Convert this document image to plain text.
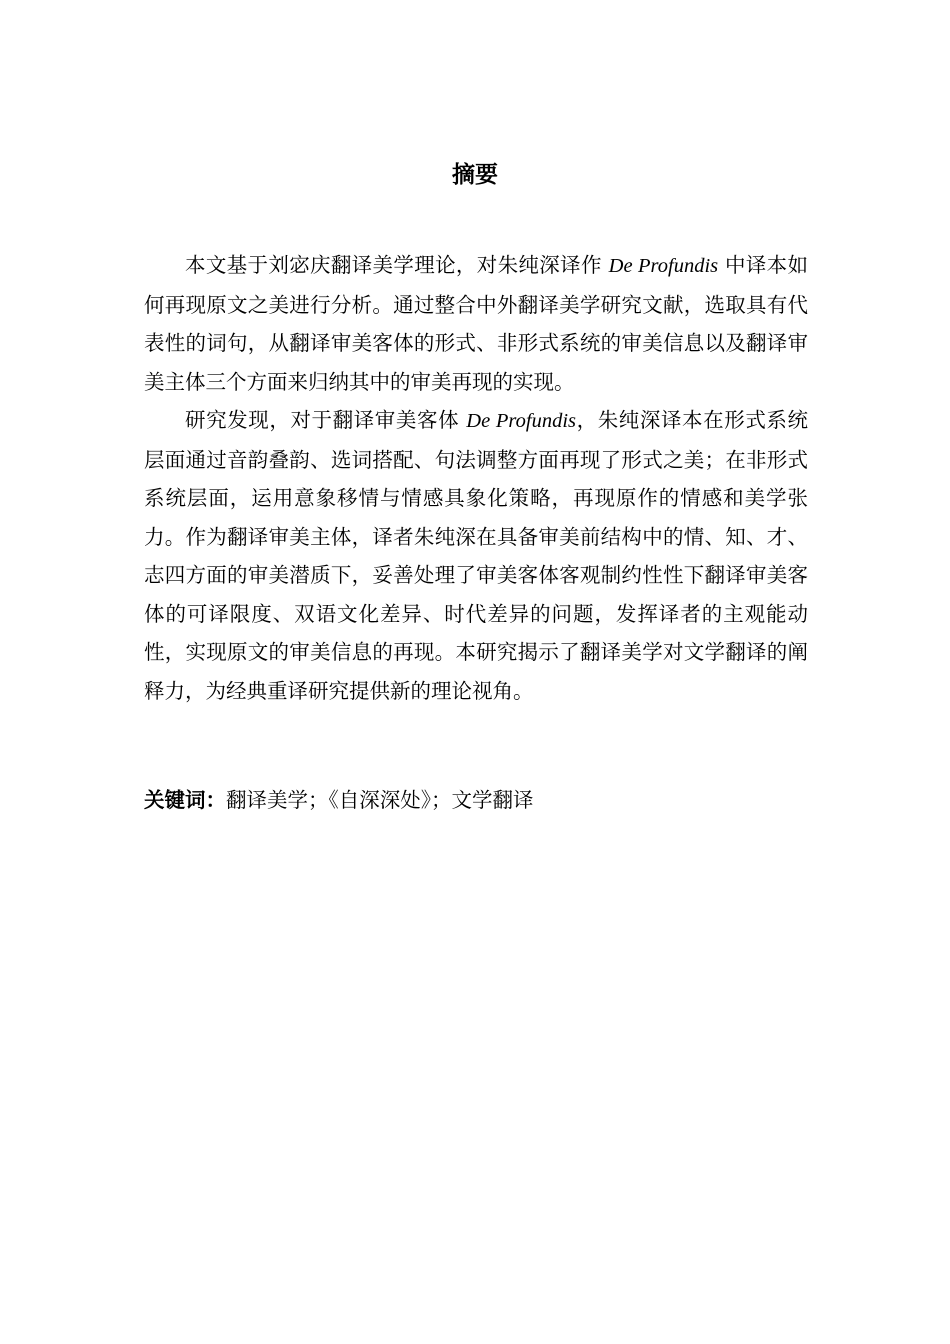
摘要

本文基于刘宓庆翻译美学理论，对朱纯深译作 De Profundis 中译本如何再现原文之美进行分析。通过整合中外翻译美学研究文献，选取具有代表性的词句，从翻译审美客体的形式、非形式系统的审美信息以及翻译审美主体三个方面来归纳其中的审美再现的实现。

研究发现，对于翻译审美客体 De Profundis，朱纯深译本在形式系统层面通过音韵叠韵、选词搭配、句法调整方面再现了形式之美；在非形式系统层面，运用意象移情与情感具象化策略，再现原作的情感和美学张力。作为翻译审美主体，译者朱纯深在具备审美前结构中的情、知、才、志四方面的审美潜质下，妥善处理了审美客体客观制约性性下翻译审美客体的可译限度、双语文化差异、时代差异的问题，发挥译者的主观能动性，实现原文的审美信息的再现。本研究揭示了翻译美学对文学翻译的阐释力，为经典重译研究提供新的理论视角。

关键词：翻译美学；《自深深处》；文学翻译
